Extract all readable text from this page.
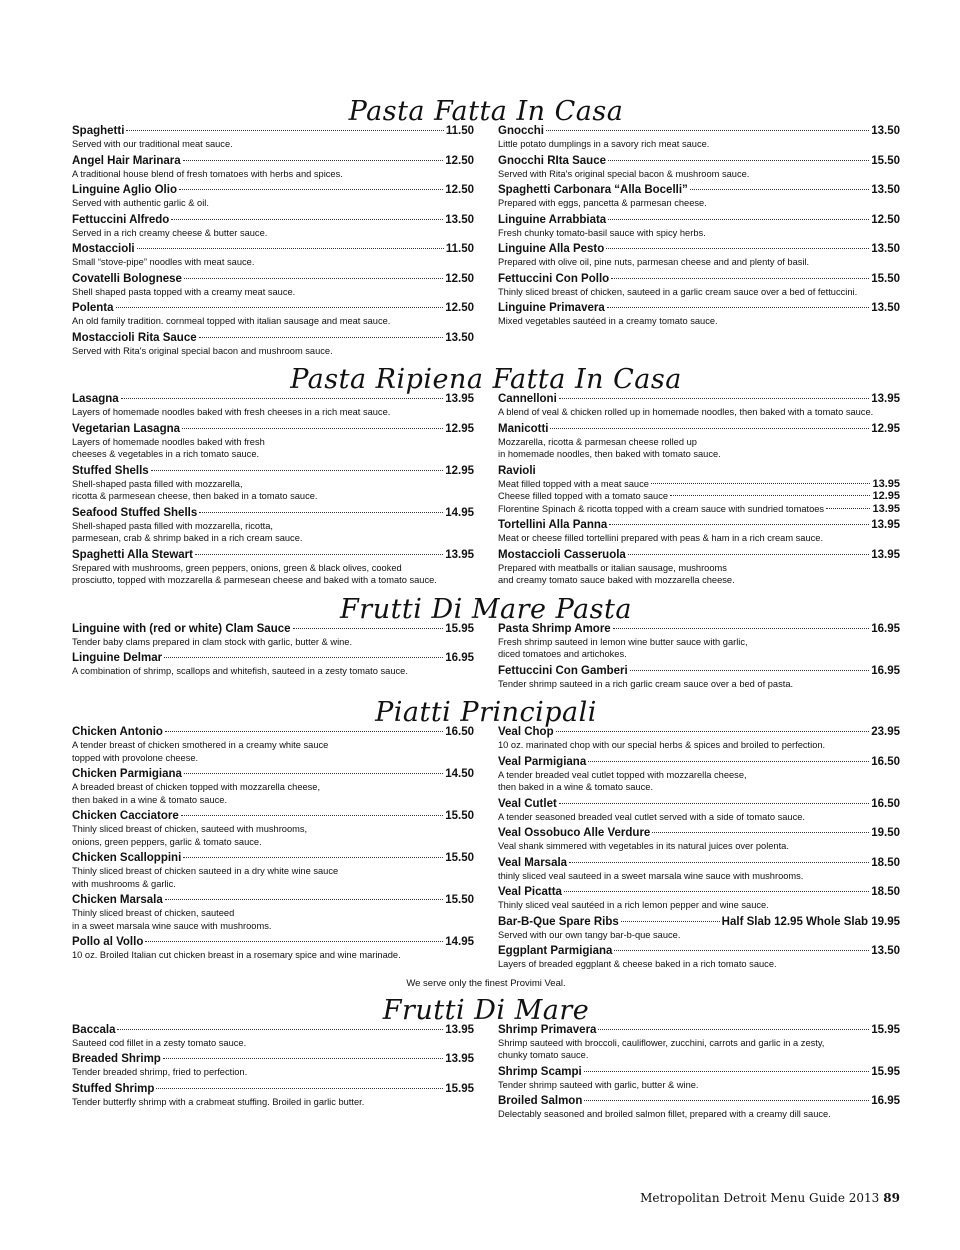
Pasta Fatta In Casa
Spaghetti	11.50
Served with our traditional meat sauce.
Angel Hair Marinara	12.50
A traditional house blend of fresh tomatoes with herbs and spices.
Linguine Aglio Olio	12.50
Served with authentic garlic & oil.
Fettuccini Alfredo	13.50
Served in a rich creamy cheese & butter sauce.
Mostaccioli	11.50
Small “stove-pipe” noodles with meat sauce.
Covatelli Bolognese	12.50
Shell shaped pasta topped with a creamy meat sauce.
Polenta	12.50
An old family tradition. cornmeal topped with italian sausage and meat sauce.
Mostaccioli Rita Sauce	13.50
Served with Rita's original special bacon and mushroom sauce.
Gnocchi	13.50
Little potato dumplings in a savory rich meat sauce.
Gnocchi RIta Sauce	15.50
Served with Rita's original special bacon & mushroom sauce.
Spaghetti Carbonara “Alla Bocelli”	13.50
Prepared with eggs, pancetta & parmesan cheese.
Linguine Arrabbiata	12.50
Fresh chunky tomato-basil sauce with spicy herbs.
Linguine Alla Pesto	13.50
Prepared with olive oil, pine nuts, parmesan cheese and and plenty of basil.
Fettuccini Con Pollo	15.50
Thinly sliced breast of chicken, sauteed in a garlic cream sauce over a bed of fettuccini.
Linguine Primavera	13.50
Mixed vegetables sautéed in a creamy tomato sauce.
Pasta Ripiena Fatta In Casa
Lasagna	13.95
Layers of homemade noodles baked with fresh cheeses in a rich meat sauce.
Vegetarian Lasagna	12.95
Layers of homemade noodles baked with fresh
cheeses & vegetables in a rich tomato sauce.
Stuffed Shells	12.95
Shell-shaped pasta filled with mozzarella,
ricotta & parmesean cheese, then baked in a tomato sauce.
Seafood Stuffed Shells	14.95
Shell-shaped pasta filled with mozzarella, ricotta,
parmesean, crab & shrimp baked in a rich cream sauce.
Spaghetti Alla Stewart	13.95
Srepared with mushrooms, green peppers, onions, green & black olives, cooked
prosciutto, topped with mozzarella & parmesean cheese and baked with a tomato sauce.
Cannelloni	13.95
A blend of veal & chicken rolled up in homemade noodles, then baked with a tomato sauce.
Manicotti	12.95
Mozzarella, ricotta & parmesan cheese rolled up
in homemade noodles, then baked with tomato sauce.
Ravioli
Meat filled topped with a meat sauce	13.95
Cheese filled topped with a tomato sauce	12.95
Florentine Spinach & ricotta topped with a cream sauce with sundried tomatoes	13.95
Tortellini Alla Panna	13.95
Meat or cheese filled tortellini prepared with peas & ham in a rich cream sauce.
Mostaccioli Casseruola	13.95
Prepared with meatballs or italian sausage, mushrooms
and creamy tomato sauce baked with mozzarella cheese.
Frutti Di Mare Pasta
Linguine with (red or white) Clam Sauce	15.95
Tender baby clams prepared in clam stock with garlic, butter & wine.
Linguine Delmar	16.95
A combination of shrimp, scallops and whitefish, sauteed in a zesty tomato sauce.
Pasta Shrimp Amore	16.95
Fresh shrimp sauteed in lemon wine butter sauce with garlic,
diced tomatoes and artichokes.
Fettuccini Con Gamberi	16.95
Tender shrimp sauteed in a rich garlic cream sauce over a bed of pasta.
Piatti Principali
Chicken Antonio	16.50
A tender breast of chicken smothered in a creamy white sauce
topped with provolone cheese.
Chicken Parmigiana	14.50
A breaded breast of chicken topped with mozzarella cheese,
then baked in a wine & tomato sauce.
Chicken Cacciatore	15.50
Thinly sliced breast of chicken, sauteed with mushrooms,
onions, green peppers, garlic & tomato sauce.
Chicken Scalloppini	15.50
Thinly sliced breast of chicken sauteed in a dry white wine sauce
with mushrooms & garlic.
Chicken Marsala	15.50
Thinly sliced breast of chicken, sauteed
in a sweet marsala wine sauce with mushrooms.
Pollo al Vollo	14.95
10 oz. Broiled Italian cut chicken breast in a rosemary spice and wine marinade.
Veal Chop	23.95
10 oz. marinated chop with our special herbs & spices and broiled to perfection.
Veal Parmigiana	16.50
A tender breaded veal cutlet topped with mozzarella cheese,
then baked in a wine & tomato sauce.
Veal Cutlet	16.50
A tender seasoned breaded veal cutlet served with a side of tomato sauce.
Veal Ossobuco Alle Verdure	19.50
Veal shank simmered with vegetables in its natural juices over polenta.
Veal Marsala	18.50
thinly sliced veal sauteed in a sweet marsala wine sauce with mushrooms.
Veal Picatta	18.50
Thinly sliced veal sautéed in a rich lemon pepper and wine sauce.
Bar-B-Que Spare Ribs	Half Slab 12.95 Whole Slab 19.95
Served with our own tangy bar-b-que sauce.
Eggplant Parmigiana	13.50
Layers of breaded eggplant & cheese baked in a rich tomato sauce.
We serve only the finest Provimi Veal.
Frutti Di Mare
Baccala	13.95
Sauteed cod fillet in a zesty tomato sauce.
Breaded Shrimp	13.95
Tender breaded shrimp, fried to perfection.
Stuffed Shrimp	15.95
Tender butterfly shrimp with a crabmeat stuffing. Broiled in garlic butter.
Shrimp Primavera	15.95
Shrimp sauteed with broccoli, cauliflower, zucchini, carrots and garlic in a zesty,
chunky tomato sauce.
Shrimp Scampi	15.95
Tender shrimp sauteed with garlic, butter & wine.
Broiled Salmon	16.95
Delectably seasoned and broiled salmon fillet, prepared with a creamy dill sauce.
Metropolitan Detroit Menu Guide 2013 89
